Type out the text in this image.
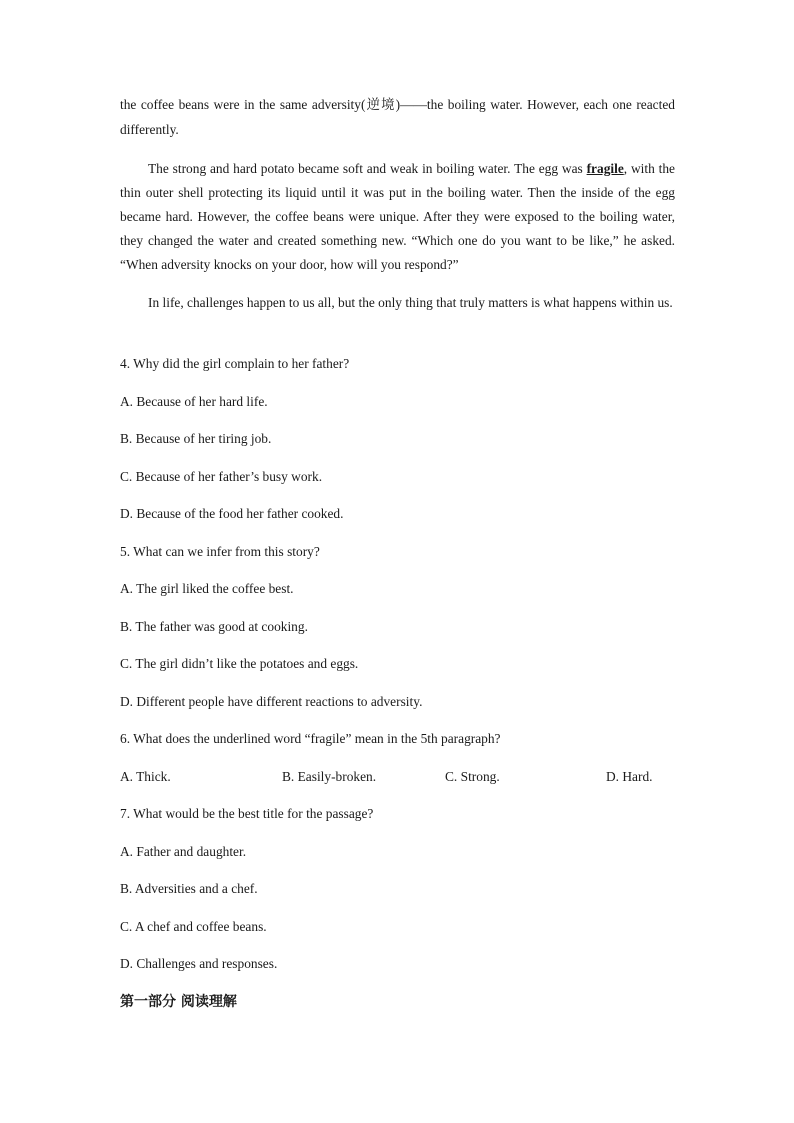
the coffee beans were in the same adversity(逆境)——the boiling water. However, each one reacted differently.

The strong and hard potato became soft and weak in boiling water. The egg was fragile, with the thin outer shell protecting its liquid until it was put in the boiling water. Then the inside of the egg became hard. However, the coffee beans were unique. After they were exposed to the boiling water, they changed the water and created something new. “Which one do you want to be like,” he asked. “When adversity knocks on your door, how will you respond?”

In life, challenges happen to us all, but the only thing that truly matters is what happens within us.

4. Why did the girl complain to her father?

A. Because of her hard life.

B. Because of her tiring job.

C. Because of her father’s busy work.

D. Because of the food her father cooked.

5. What can we infer from this story?

A. The girl liked the coffee best.

B. The father was good at cooking.

C. The girl didn’t like the potatoes and eggs.

D. Different people have different reactions to adversity.

6. What does the underlined word “fragile” mean in the 5th paragraph?

A. Thick.	B. Easily-broken.	C. Strong.	D. Hard.

7. What would be the best title for the passage?

A. Father and daughter.

B. Adversities and a chef.

C. A chef and coffee beans.

D. Challenges and responses.

第一部分 阅读理解
